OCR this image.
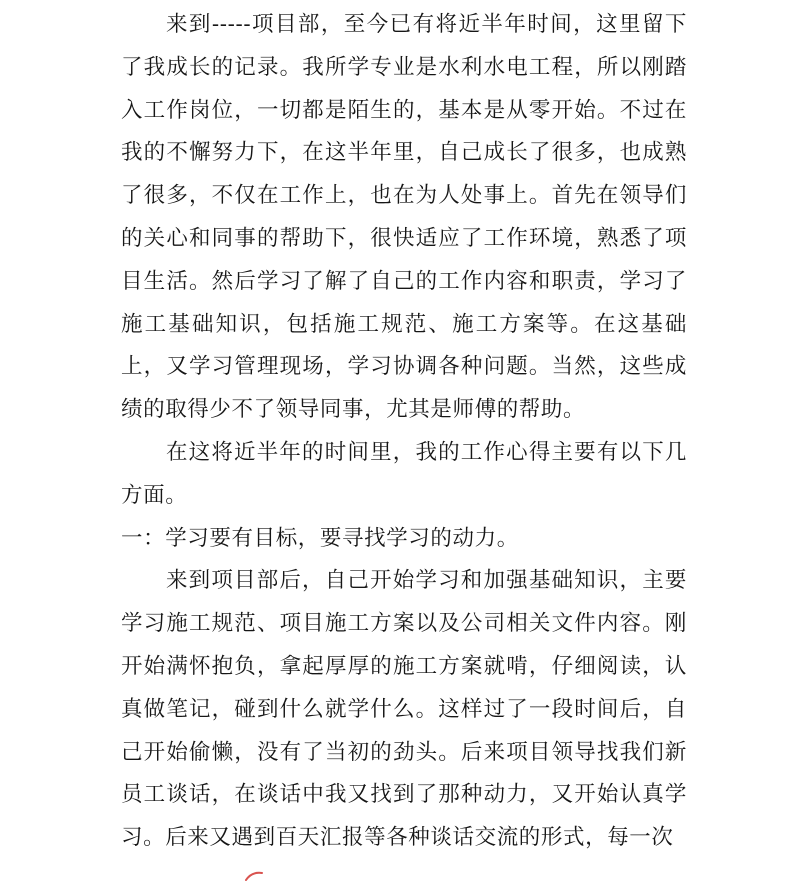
来到-----项目部，至今已有将近半年时间，这里留下了我成长的记录。我所学专业是水利水电工程，所以刚踏入工作岗位，一切都是陌生的，基本是从零开始。不过在我的不懈努力下，在这半年里，自己成长了很多，也成熟了很多，不仅在工作上，也在为人处事上。首先在领导们的关心和同事的帮助下，很快适应了工作环境，熟悉了项目生活。然后学习了解了自己的工作内容和职责，学习了施工基础知识，包括施工规范、施工方案等。在这基础上，又学习管理现场，学习协调各种问题。当然，这些成绩的取得少不了领导同事，尤其是师傅的帮助。

在这将近半年的时间里，我的工作心得主要有以下几方面。

一：学习要有目标，要寻找学习的动力。

来到项目部后，自己开始学习和加强基础知识，主要学习施工规范、项目施工方案以及公司相关文件内容。刚开始满怀抱负，拿起厚厚的施工方案就啃，仔细阅读，认真做笔记，碰到什么就学什么。这样过了一段时间后，自己开始偷懒，没有了当初的劲头。后来项目领导找我们新员工谈话，在谈话中我又找到了那种动力，又开始认真学习。后来又遇到百天汇报等各种谈话交流的形式，每一次
